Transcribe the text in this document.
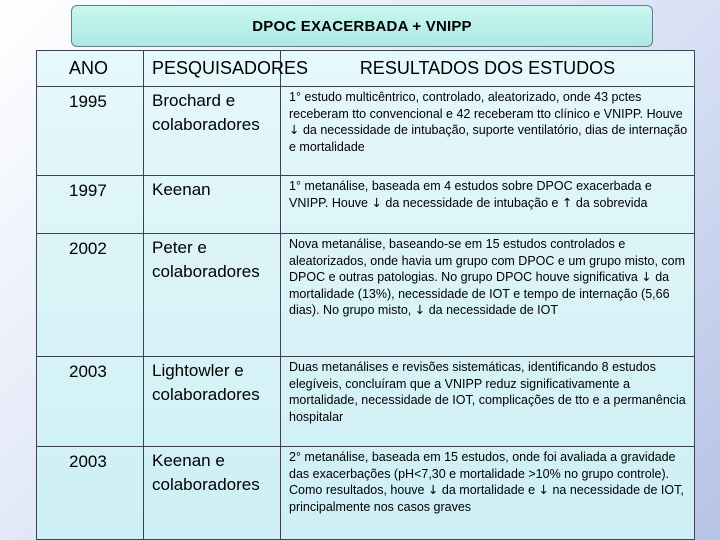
DPOC EXACERBADA + VNIPP
ANO	PESQUISADORES	RESULTADOS DOS ESTUDOS
1995	Brochard e colaboradores	1° estudo multicêntrico, controlado, aleatorizado, onde 43 pctes receberam tto convencional e 42 receberam tto clínico e VNIPP. Houve ↓ da necessidade de intubação, suporte ventilatório, dias de internação e mortalidade
1997	Keenan	1° metanálise, baseada em 4 estudos sobre DPOC exacerbada e VNIPP. Houve ↓ da necessidade de intubação e ↑ da sobrevida
2002	Peter e colaboradores	Nova metanálise, baseando-se em 15 estudos controlados e aleatorizados, onde havia um grupo com DPOC e um grupo misto, com DPOC e outras patologias. No grupo DPOC houve significativa ↓ da mortalidade (13%), necessidade de IOT e tempo de internação (5,66 dias). No grupo misto, ↓ da necessidade de IOT
2003	Lightowler e colaboradores	Duas metanálises e revisões sistemáticas, identificando 8 estudos elegíveis, concluíram que a VNIPP reduz significativamente a mortalidade, necessidade de IOT, complicações de tto e a permanência hospitalar
2003	Keenan e colaboradores	2° metanálise, baseada em 15 estudos, onde foi avaliada a gravidade das exacerbações (pH<7,30 e mortalidade >10% no grupo controle). Como resultados, houve ↓ da mortalidade e ↓ na necessidade de IOT, principalmente nos casos graves
